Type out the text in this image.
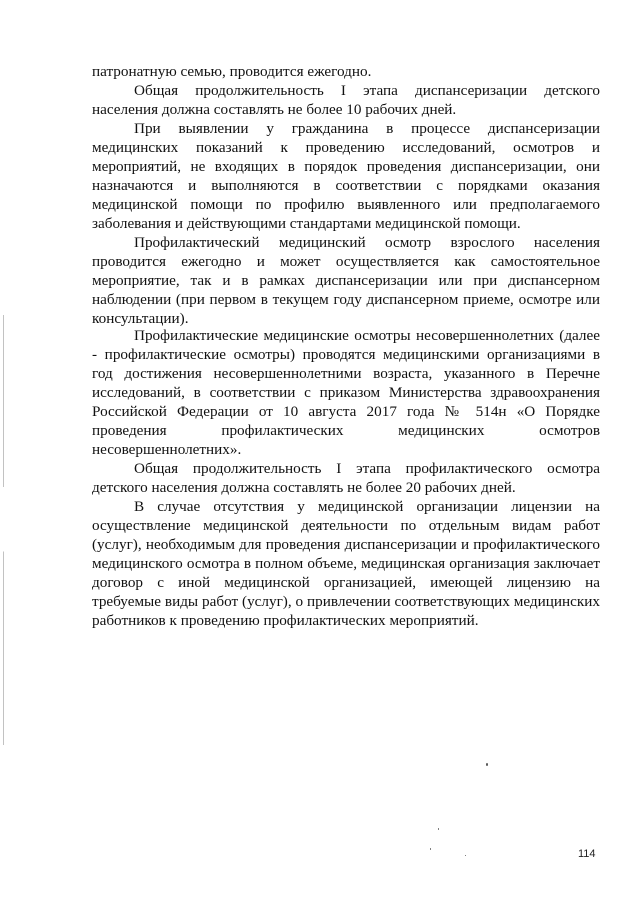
патронатную семью, проводится ежегодно.

Общая продолжительность I этапа диспансеризации детского населения должна составлять не более 10 рабочих дней.

При выявлении у гражданина в процессе диспансеризации медицинских показаний к проведению исследований, осмотров и мероприятий, не входящих в порядок проведения диспансеризации, они назначаются и выполняются в соответствии с порядками оказания медицинской помощи по профилю выявленного или предполагаемого заболевания и действующими стандартами медицинской помощи.

Профилактический медицинский осмотр взрослого населения проводится ежегодно и может осуществляется как самостоятельное мероприятие, так и в рамках диспансеризации или при диспансерном наблюдении (при первом в текущем году диспансерном приеме, осмотре или консультации).

Профилактические медицинские осмотры несовершеннолетних (далее - профилактические осмотры) проводятся медицинскими организациями в год достижения несовершеннолетними возраста, указанного в Перечне исследований, в соответствии с приказом Министерства здравоохранения Российской Федерации от 10 августа 2017 года № 514н «О Порядке проведения профилактических медицинских осмотров несовершеннолетних».

Общая продолжительность I этапа профилактического осмотра детского населения должна составлять не более 20 рабочих дней.

В случае отсутствия у медицинской организации лицензии на осуществление медицинской деятельности по отдельным видам работ (услуг), необходимым для проведения диспансеризации и профилактического медицинского осмотра в полном объеме, медицинская организация заключает договор с иной медицинской организацией, имеющей лицензию на требуемые виды работ (услуг), о привлечении соответствующих медицинских работников к проведению профилактических мероприятий.

114
